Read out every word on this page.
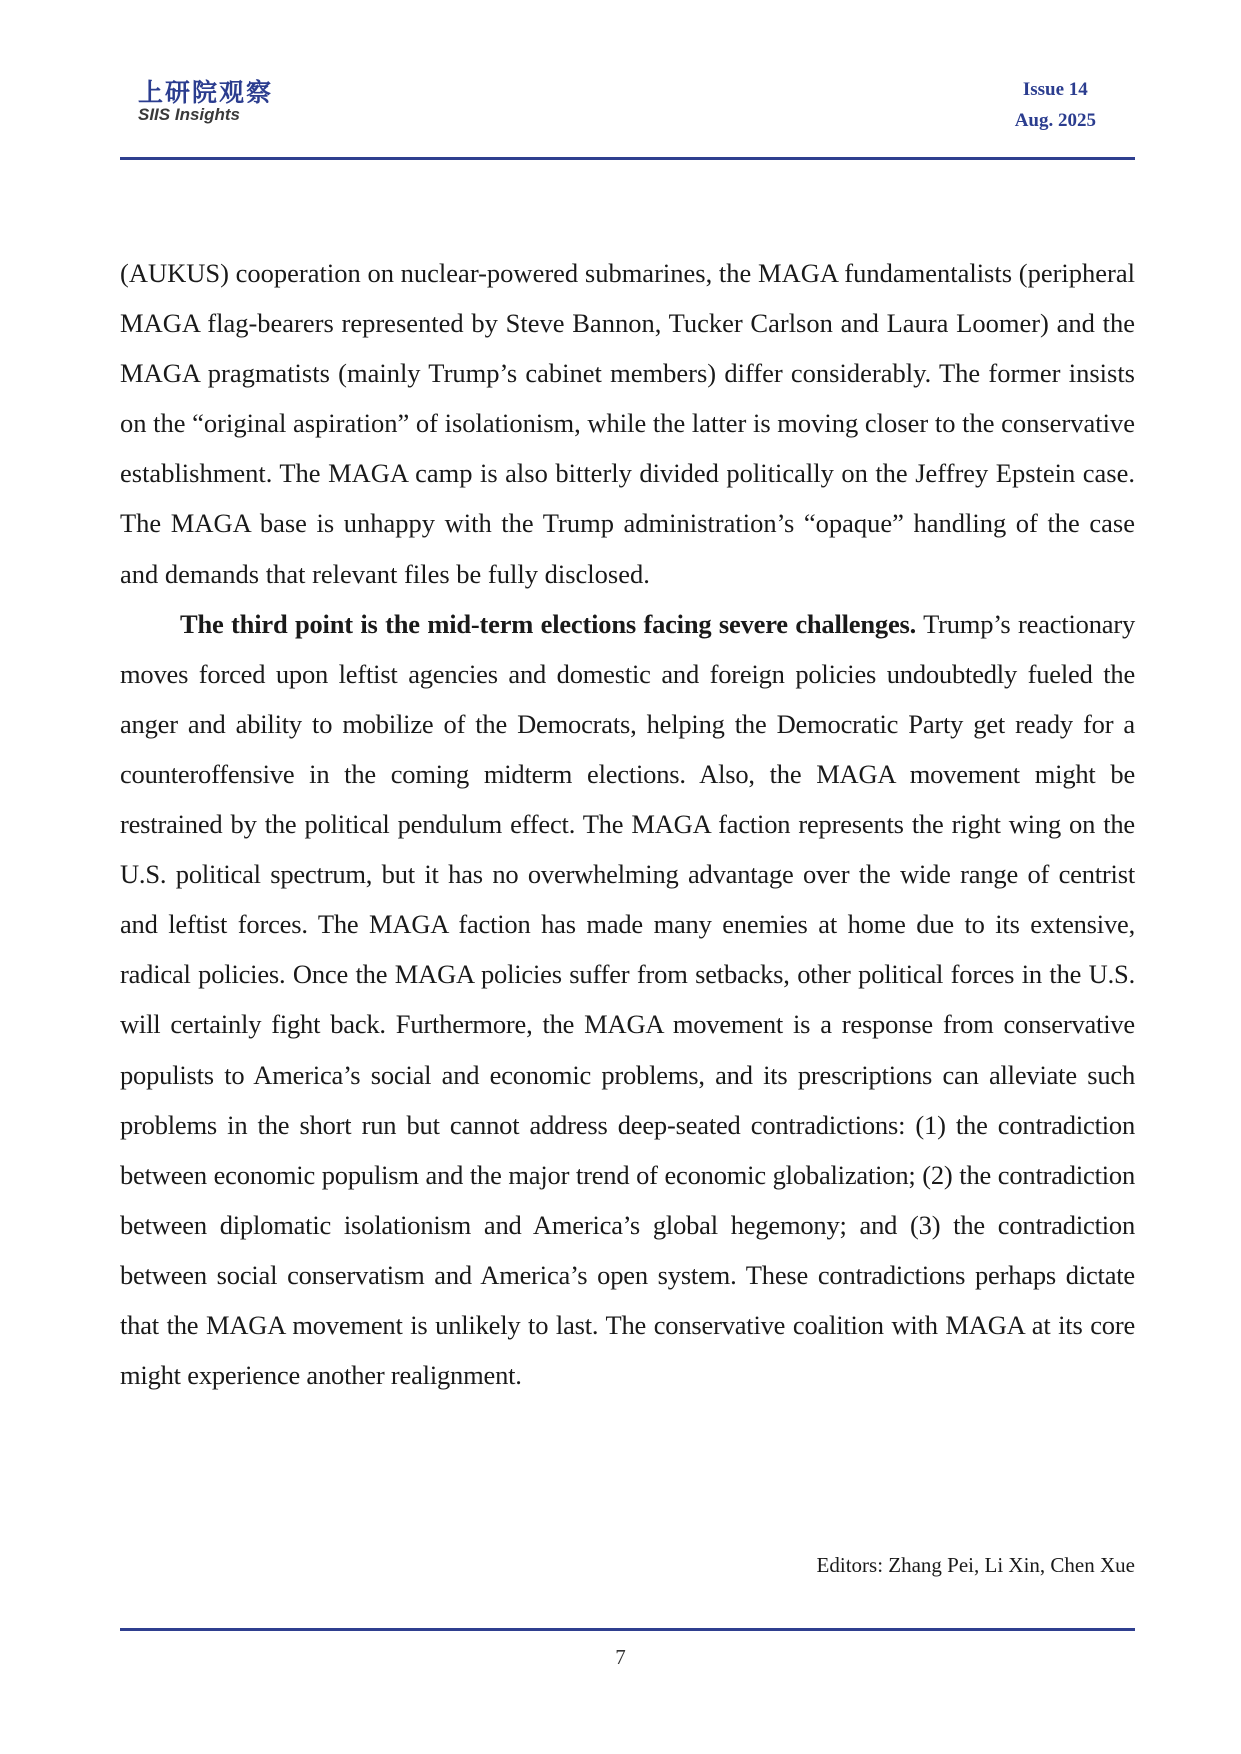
上研院观察
SIIS Insights
Issue 14
Aug. 2025

(AUKUS) cooperation on nuclear-powered submarines, the MAGA fundamentalists (peripheral MAGA flag-bearers represented by Steve Bannon, Tucker Carlson and Laura Loomer) and the MAGA pragmatists (mainly Trump’s cabinet members) differ considerably. The former insists on the “original aspiration” of isolationism, while the latter is moving closer to the conservative establishment. The MAGA camp is also bitterly divided politically on the Jeffrey Epstein case. The MAGA base is unhappy with the Trump administration’s “opaque” handling of the case and demands that relevant files be fully disclosed.

The third point is the mid-term elections facing severe challenges. Trump’s reactionary moves forced upon leftist agencies and domestic and foreign policies undoubtedly fueled the anger and ability to mobilize of the Democrats, helping the Democratic Party get ready for a counteroffensive in the coming midterm elections. Also, the MAGA movement might be restrained by the political pendulum effect. The MAGA faction represents the right wing on the U.S. political spectrum, but it has no overwhelming advantage over the wide range of centrist and leftist forces. The MAGA faction has made many enemies at home due to its extensive, radical policies. Once the MAGA policies suffer from setbacks, other political forces in the U.S. will certainly fight back. Furthermore, the MAGA movement is a response from conservative populists to America’s social and economic problems, and its prescriptions can alleviate such problems in the short run but cannot address deep-seated contradictions: (1) the contradiction between economic populism and the major trend of economic globalization; (2) the contradiction between diplomatic isolationism and America’s global hegemony; and (3) the contradiction between social conservatism and America’s open system. These contradictions perhaps dictate that the MAGA movement is unlikely to last. The conservative coalition with MAGA at its core might experience another realignment.

Editors: Zhang Pei, Li Xin, Chen Xue
7
